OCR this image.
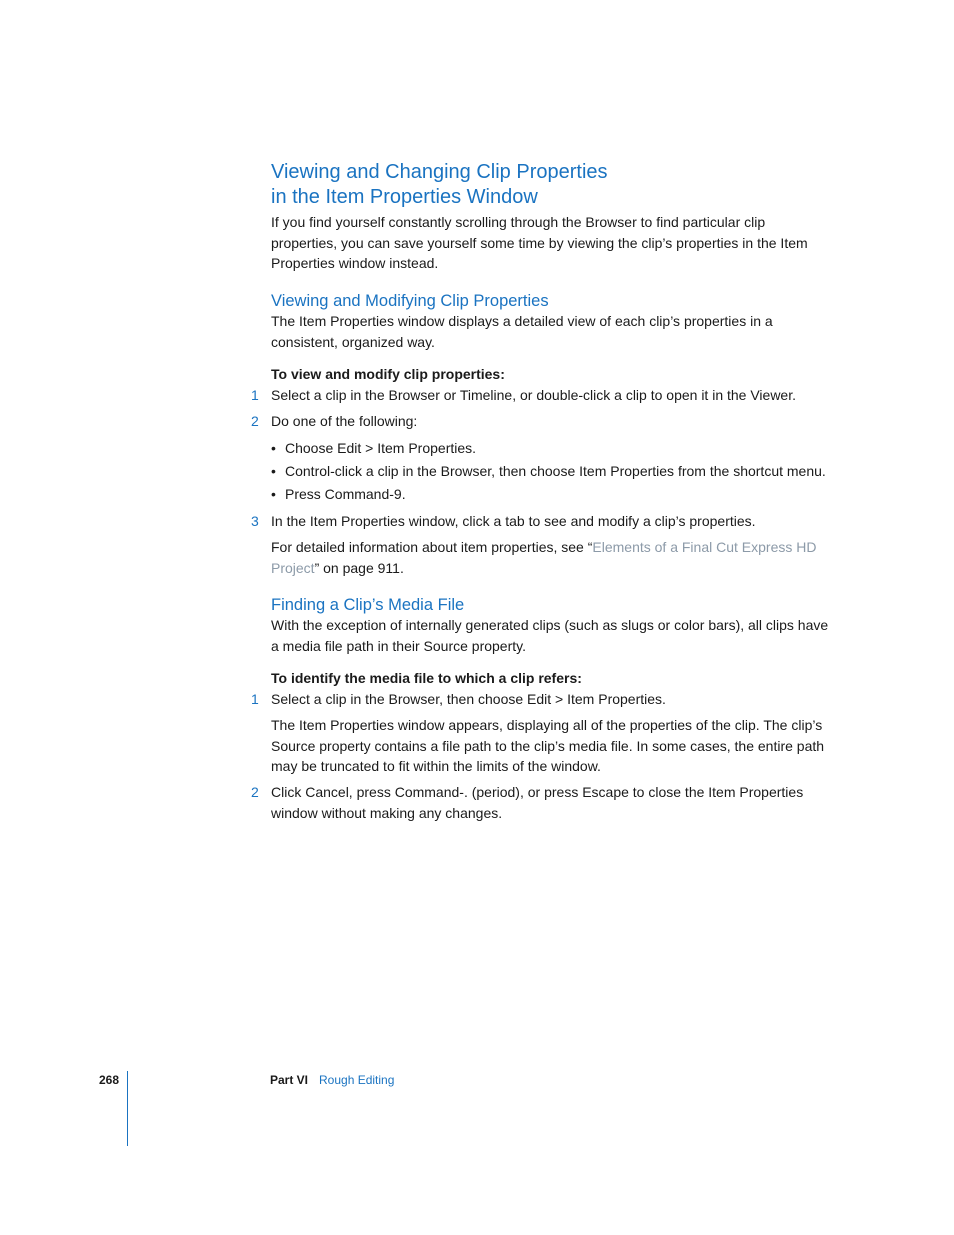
Viewing and Changing Clip Properties
in the Item Properties Window
If you find yourself constantly scrolling through the Browser to find particular clip properties, you can save yourself some time by viewing the clip’s properties in the Item Properties window instead.
Viewing and Modifying Clip Properties
The Item Properties window displays a detailed view of each clip’s properties in a consistent, organized way.
To view and modify clip properties:
1 Select a clip in the Browser or Timeline, or double-click a clip to open it in the Viewer.
2 Do one of the following:
• Choose Edit > Item Properties.
• Control-click a clip in the Browser, then choose Item Properties from the shortcut menu.
• Press Command-9.
3 In the Item Properties window, click a tab to see and modify a clip’s properties.
For detailed information about item properties, see “Elements of a Final Cut Express HD Project” on page 911.
Finding a Clip’s Media File
With the exception of internally generated clips (such as slugs or color bars), all clips have a media file path in their Source property.
To identify the media file to which a clip refers:
1 Select a clip in the Browser, then choose Edit > Item Properties.
The Item Properties window appears, displaying all of the properties of the clip. The clip’s Source property contains a file path to the clip’s media file. In some cases, the entire path may be truncated to fit within the limits of the window.
2 Click Cancel, press Command-. (period), or press Escape to close the Item Properties window without making any changes.
268	Part VI Rough Editing
